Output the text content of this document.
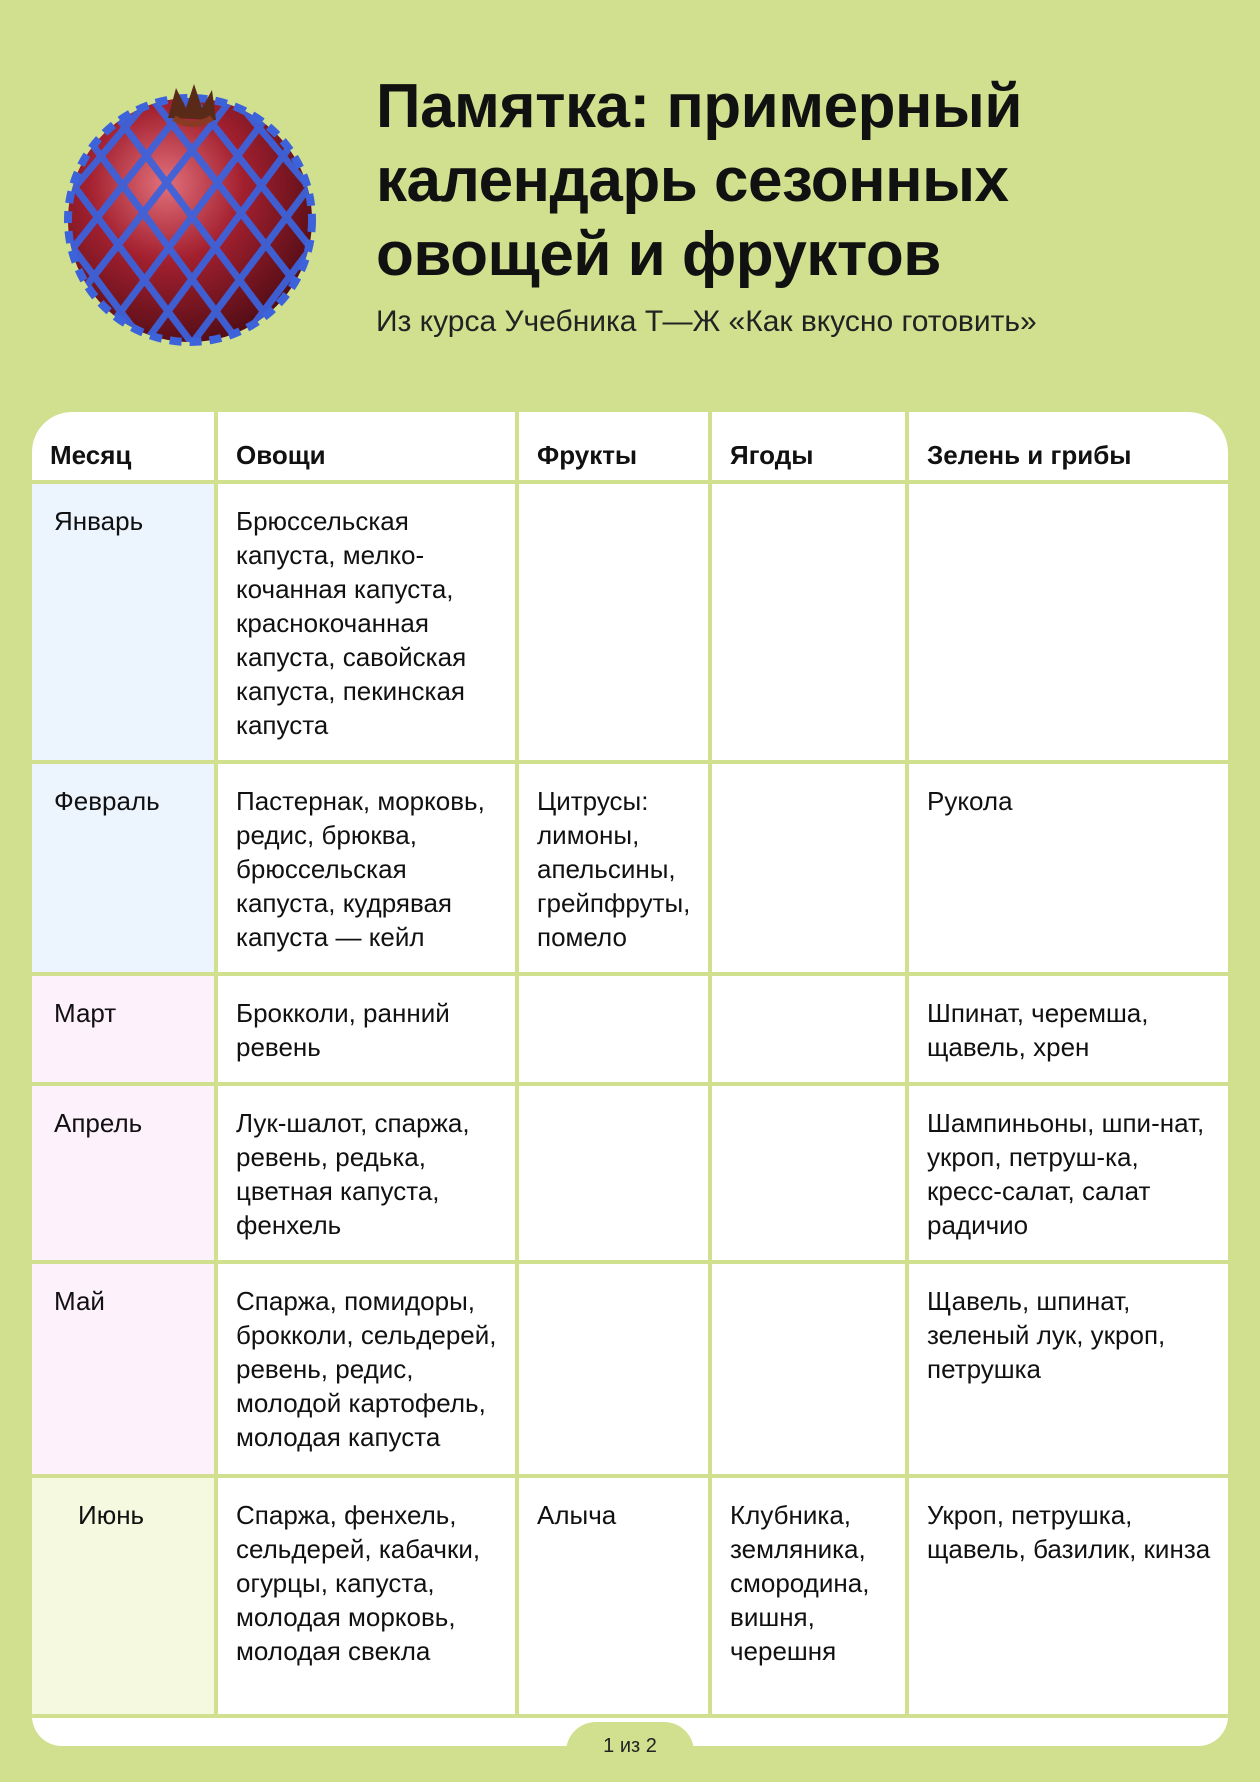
Памятка: примерный
календарь сезонных
овощей и фруктов

Из курса Учебника Т—Ж «Как вкусно готовить»

Месяц	Овощи	Фрукты	Ягоды	Зелень и грибы
Январь	Брюссельская капуста, мелко-кочанная капуста, краснокочанная капуста, савойская капуста, пекинская капуста			
Февраль	Пастернак, морковь, редис, брюква, брюссельская капуста, кудрявая капуста — кейл	Цитрусы: лимоны, апельсины, грейпфруты, помело		Рукола
Март	Брокколи, ранний ревень			Шпинат, черемша, щавель, хрен
Апрель	Лук-шалот, спаржа, ревень, редька, цветная капуста, фенхель			Шампиньоны, шпи-нат, укроп, петруш-ка, кресс-салат, салат радичио
Май	Спаржа, помидоры, брокколи, сельдерей, ревень, редис, молодой картофель, молодая капуста			Щавель, шпинат, зеленый лук, укроп, петрушка
Июнь	Спаржа, фенхель, сельдерей, кабачки, огурцы, капуста, молодая морковь, молодая свекла	Алыча	Клубника, земляника, смородина, вишня, черешня	Укроп, петрушка, щавель, базилик, кинза
1 из 2
